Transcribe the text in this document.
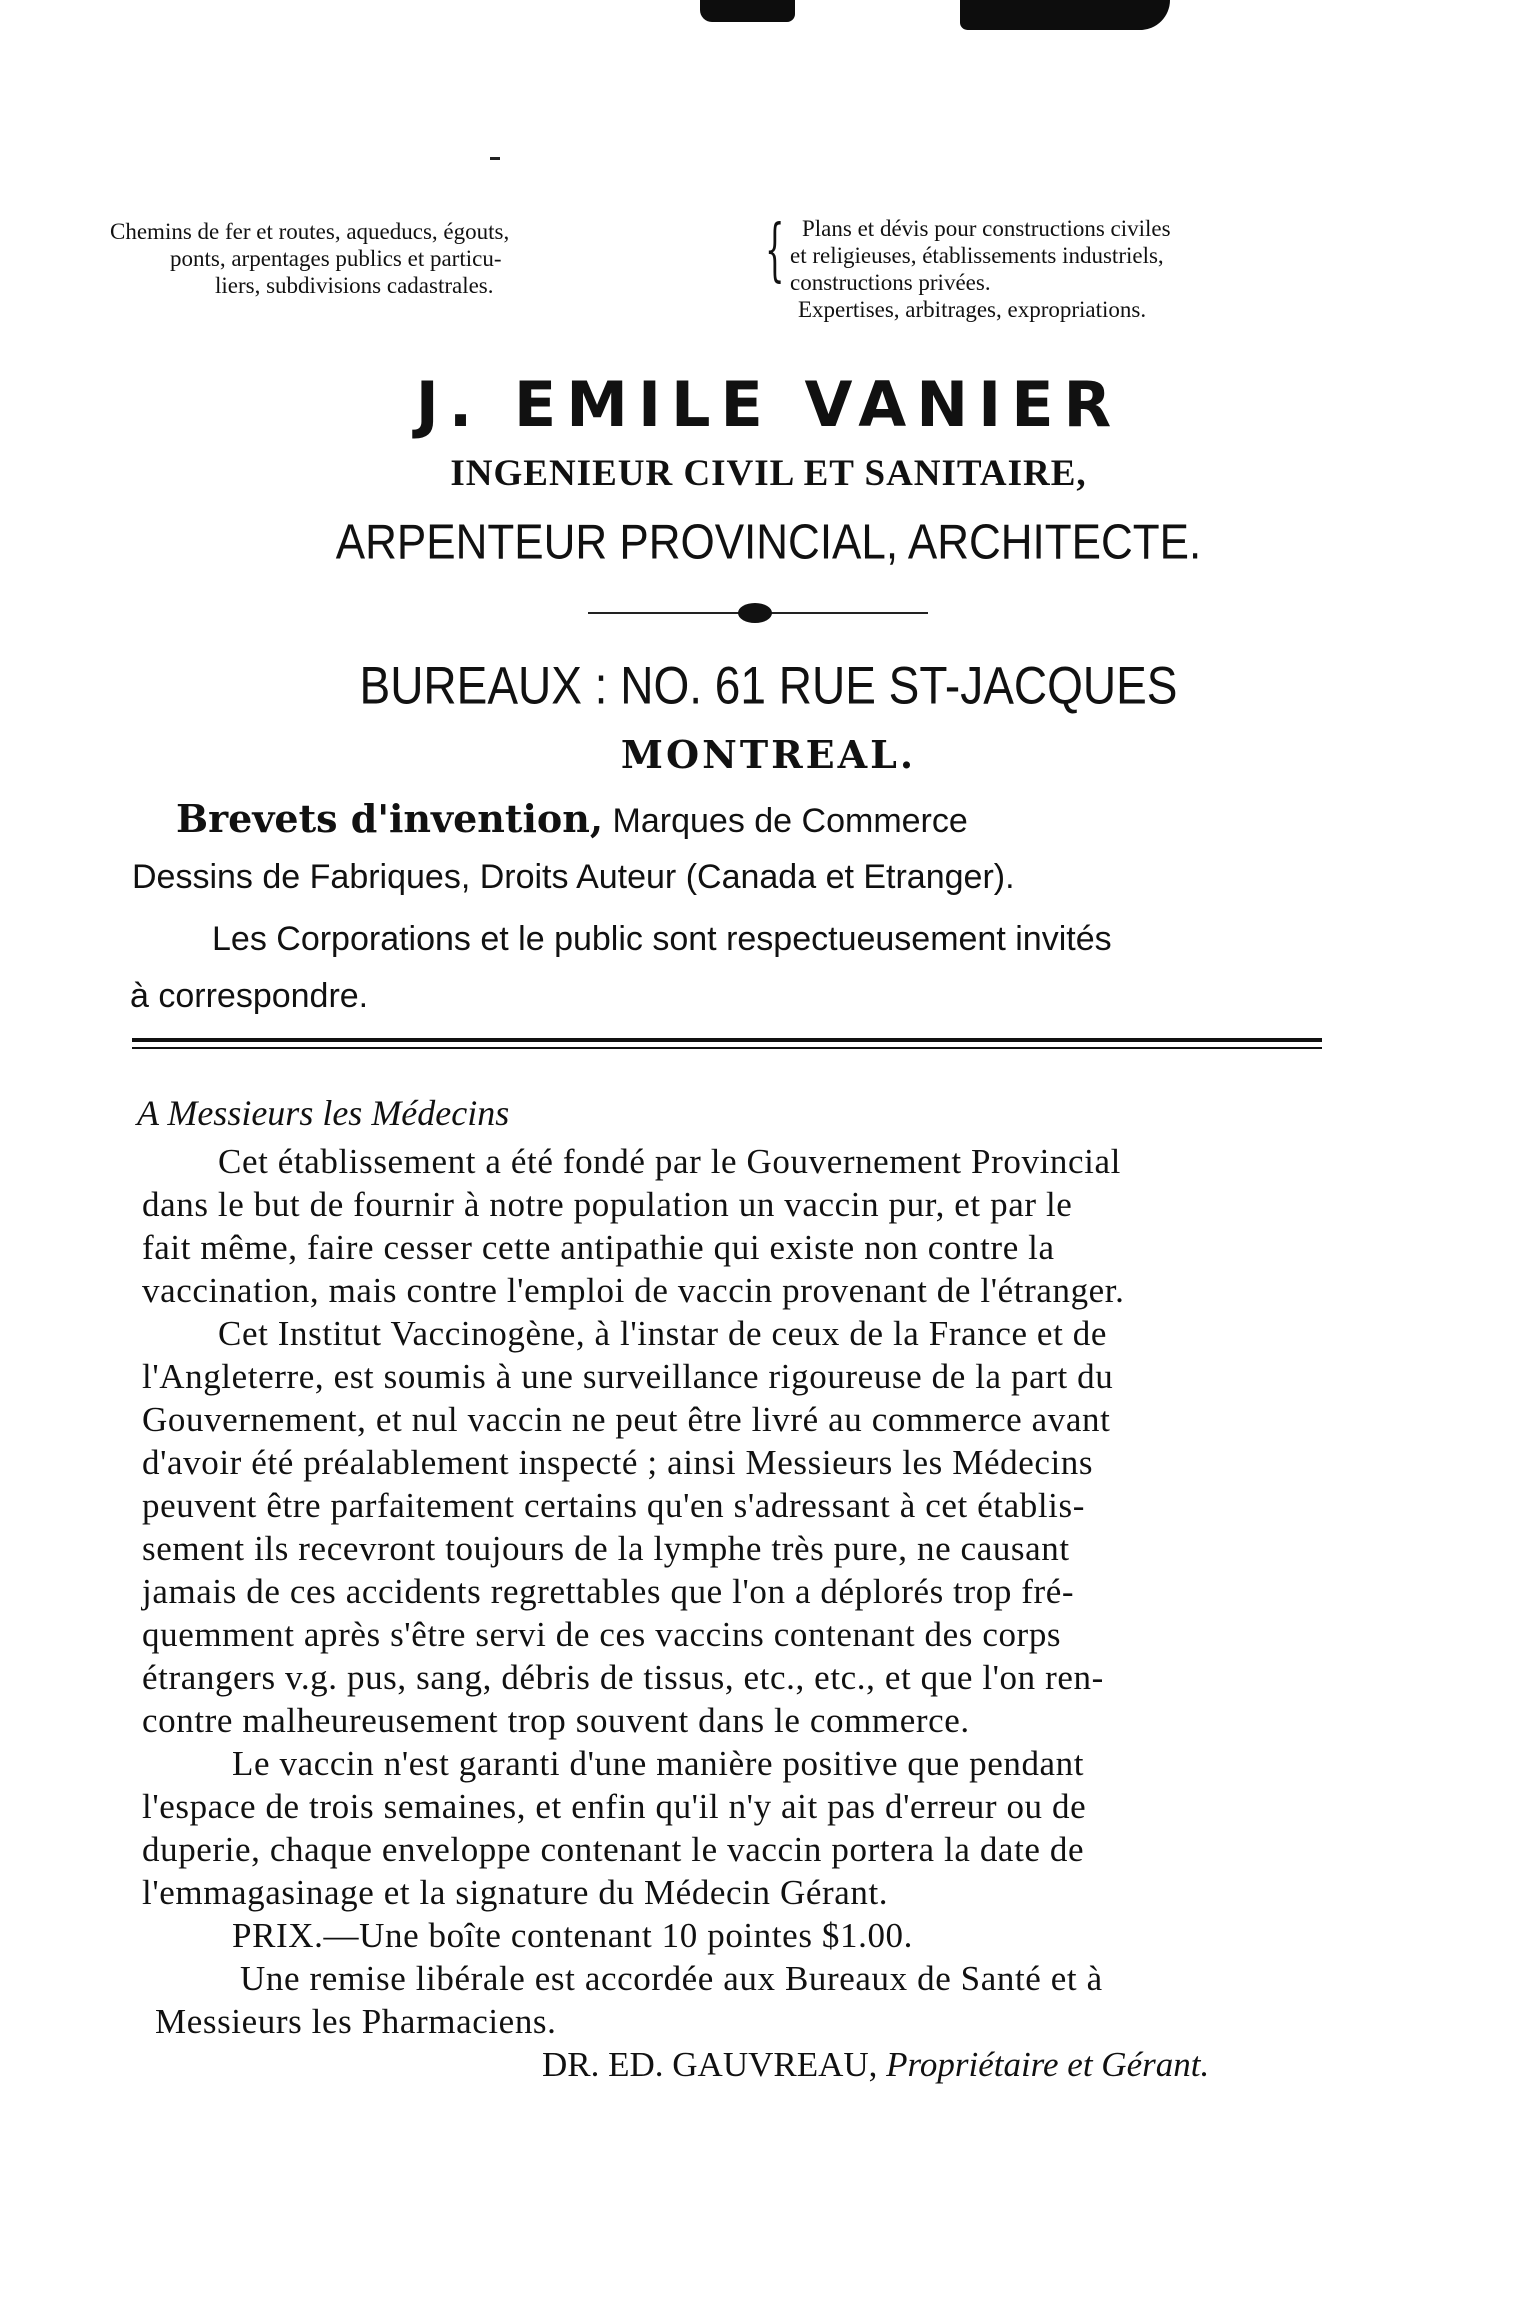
Chemins de fer et routes, aqueducs, égouts,
ponts, arpentages publics et particu-
liers, subdivisions cadastrales.	{ Plans et dévis pour constructions civiles
et religieuses, établissements industriels,
constructions privées.
Expertises, arbitrages, expropriations.
J. EMILE VANIER
INGENIEUR CIVIL ET SANITAIRE,
ARPENTEUR PROVINCIAL, ARCHITECTE.
BUREAUX : NO. 61 RUE ST-JACQUES
MONTREAL.
Brevets d'invention, Marques de Commerce
Dessins de Fabriques, Droits Auteur (Canada et Etranger).
Les Corporations et le public sont respectueusement invités
à correspondre.
A Messieurs les Médecins
Cet établissement a été fondé par le Gouvernement Provincial
dans le but de fournir à notre population un vaccin pur, et par le
fait même, faire cesser cette antipathie qui existe non contre la
vaccination, mais contre l'emploi de vaccin provenant de l'étranger.
Cet Institut Vaccinogène, à l'instar de ceux de la France et de
l'Angleterre, est soumis à une surveillance rigoureuse de la part du
Gouvernement, et nul vaccin ne peut être livré au commerce avant
d'avoir été préalablement inspecté ; ainsi Messieurs les Médecins
peuvent être parfaitement certains qu'en s'adressant à cet établis-
sement ils recevront toujours de la lymphe très pure, ne causant
jamais de ces accidents regrettables que l'on a déplorés trop fré-
quemment après s'être servi de ces vaccins contenant des corps
étrangers v.g. pus, sang, débris de tissus, etc., etc., et que l'on ren-
contre malheureusement trop souvent dans le commerce.
Le vaccin n'est garanti d'une manière positive que pendant
l'espace de trois semaines, et enfin qu'il n'y ait pas d'erreur ou de
duperie, chaque enveloppe contenant le vaccin portera la date de
l'emmagasinage et la signature du Médecin Gérant.
PRIX.—Une boîte contenant 10 pointes $1.00.
Une remise libérale est accordée aux Bureaux de Santé et à
Messieurs les Pharmaciens.
DR. ED. GAUVREAU, Propriétaire et Gérant.
